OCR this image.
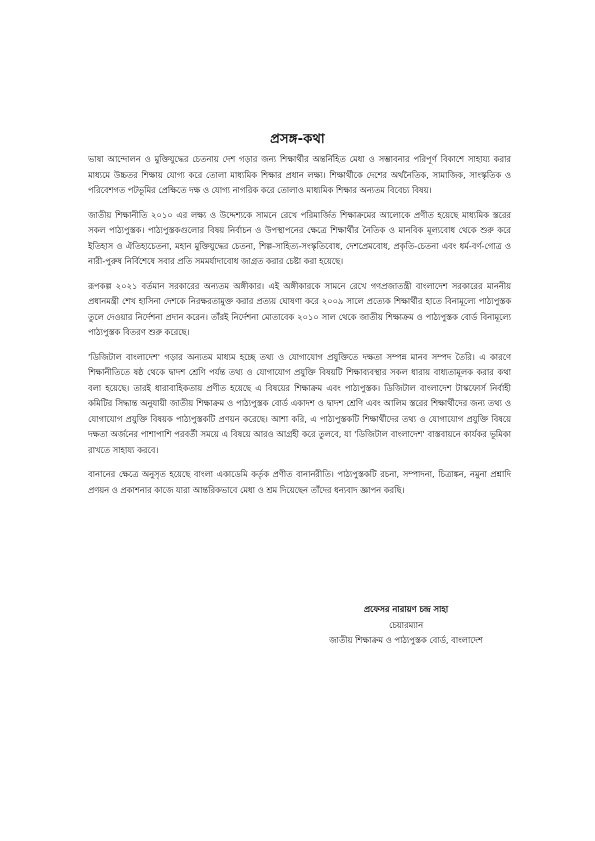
প্রসঙ্গ-কথা

ভাষা আন্দোলন ও মুক্তিযুদ্ধের চেতনায় দেশ গড়ার জন্য শিক্ষার্থীর অন্তর্নিহিত মেধা ও সম্ভাবনার পরিপূর্ণ বিকাশে সাহায্য করার মাধ্যমে উচ্চতর শিক্ষায় যোগ্য করে তোলা মাধ্যমিক শিক্ষার প্রধান লক্ষ্য। শিক্ষার্থীকে দেশের অর্থনৈতিক, সামাজিক, সাংস্কৃতিক ও পরিবেশগত পটভূমির প্রেক্ষিতে দক্ষ ও যোগ্য নাগরিক করে তোলাও মাধ্যমিক শিক্ষার অন্যতম বিবেচ্য বিষয়।

জাতীয় শিক্ষানীতি ২০১০ এর লক্ষ্য ও উদ্দেশ্যকে সামনে রেখে পরিমার্জিত শিক্ষাক্রমের আলোকে প্রণীত হয়েছে মাধ্যমিক স্তরের সকল পাঠ্যপুস্তক। পাঠ্যপুস্তকগুলোর বিষয় নির্বাচন ও উপস্থাপনের ক্ষেত্রে শিক্ষার্থীর নৈতিক ও মানবিক মূল্যবোধ থেকে শুরু করে ইতিহাস ও ঐতিহ্যচেতনা, মহান মুক্তিযুদ্ধের চেতনা, শিল্প-সাহিত্য-সংস্কৃতিবোধ, দেশপ্রেমবোধ, প্রকৃতি-চেতনা এবং ধর্ম-বর্ণ-গোত্র ও নারী-পুরুষ নির্বিশেষে সবার প্রতি সমমর্যাদাবোধ জাগ্রত করার চেষ্টা করা হয়েছে।

রূপকল্প ২০২১ বর্তমান সরকারের অন্যতম অঙ্গীকার। এই অঙ্গীকারকে সামনে রেখে গণপ্রজাতন্ত্রী বাংলাদেশ সরকারের মাননীয় প্রধানমন্ত্রী শেখ হাসিনা দেশকে নিরক্ষরতামুক্ত করার প্রত্যয় ঘোষণা করে ২০০৯ সালে প্রত্যেক শিক্ষার্থীর হাতে বিনামূল্যে পাঠ্যপুস্তক তুলে দেওয়ার নির্দেশনা প্রদান করেন। তাঁরই নির্দেশনা মোতাবেক ২০১০ সাল থেকে জাতীয় শিক্ষাক্রম ও পাঠ্যপুস্তক বোর্ড বিনামূল্যে পাঠ্যপুস্তক বিতরণ শুরু করেছে।

'ডিজিটাল বাংলাদেশ' গড়ার অন্যতম মাধ্যম হচ্ছে তথ্য ও যোগাযোগ প্রযুক্তিতে দক্ষতা সম্পন্ন মানব সম্পদ তৈরি। এ কারণে শিক্ষানীতিতে ষষ্ঠ থেকে দ্বাদশ শ্রেণি পর্যন্ত তথ্য ও যোগাযোগ প্রযুক্তি বিষয়টি শিক্ষাব্যবস্থার সকল ধারায় বাধ্যতামূলক করার কথা বলা হয়েছে। তারই ধারাবাহিকতায় প্রণীত হয়েছে এ বিষয়ের শিক্ষাক্রম এবং পাঠ্যপুস্তক। ডিজিটাল বাংলাদেশ টাস্কফোর্স নির্বাহী কমিটির সিদ্ধান্ত অনুযায়ী জাতীয় শিক্ষাক্রম ও পাঠ্যপুস্তক বোর্ড একাদশ ও দ্বাদশ শ্রেণি এবং আলিম স্তরের শিক্ষার্থীদের জন্য তথ্য ও যোগাযোগ প্রযুক্তি বিষয়ক পাঠ্যপুস্তকটি প্রণয়ন করেছে। আশা করি, এ পাঠ্যপুস্তকটি শিক্ষার্থীদের তথ্য ও যোগাযোগ প্রযুক্তি বিষয়ে দক্ষতা অর্জনের পাশাপাশি পরবর্তী সময়ে এ বিষয়ে আরও আগ্রহী করে তুলবে, যা 'ডিজিটাল বাংলাদেশ' বাস্তবায়নে কার্যকর ভূমিকা রাখতে সাহায্য করবে।

বানানের ক্ষেত্রে অনুসৃত হয়েছে বাংলা একাডেমি কর্তৃক প্রণীত বানানরীতি। পাঠ্যপুস্তকটি রচনা, সম্পাদনা, চিত্রাঙ্কন, নমুনা প্রশ্নাদি প্রণয়ন ও প্রকাশনার কাজে যারা আন্তরিকভাবে মেধা ও শ্রম দিয়েছেন তাঁদের ধন্যবাদ জ্ঞাপন করছি।

প্রফেসর নারায়ণ চন্দ্র সাহা
চেয়ারম্যান
জাতীয় শিক্ষাক্রম ও পাঠ্যপুস্তক বোর্ড, বাংলাদেশ
